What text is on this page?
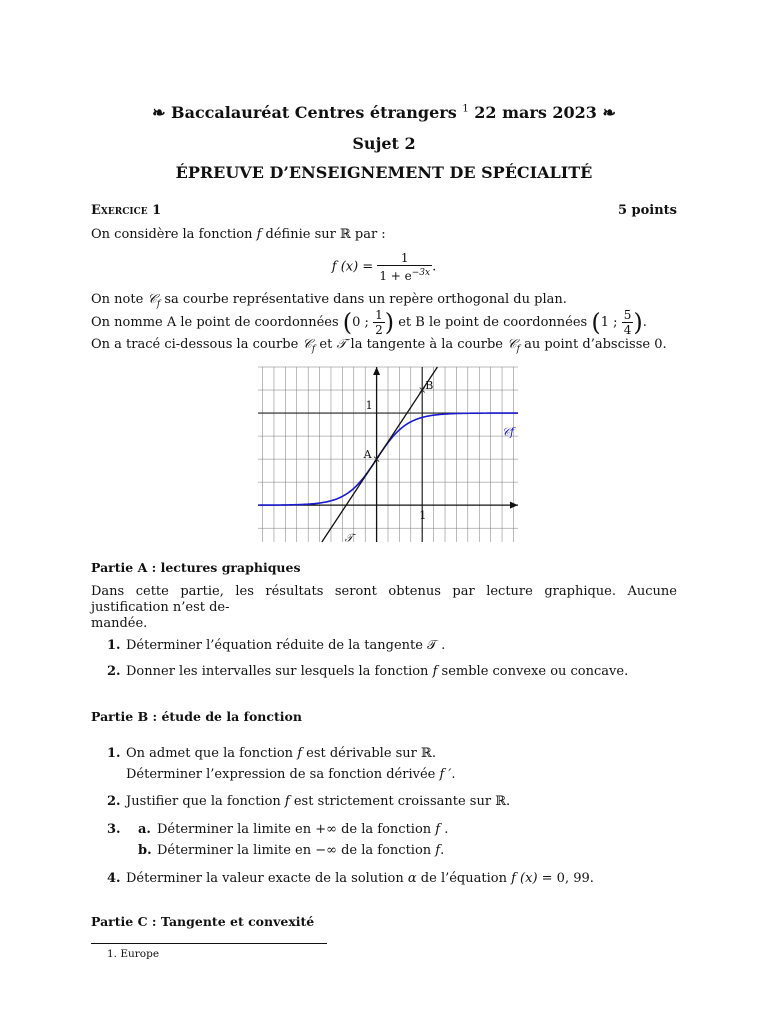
❧ Baccalauréat Centres étrangers $^1$ 22 mars 2023 ❧
Sujet 2
ÉPREUVE D’ENSEIGNEMENT DE SPÉCIALITÉ
Exercice 1	5 points
On considère la fonction f définie sur ℝ par :
f $(x) = \frac{1}{1 + e^{-3x}}$ .
On note 𝒞$_f$ sa courbe représentative dans un repère orthogonal du plan.
On nomme A le point de coordonnées (0 ; $\frac{1}{2}$ ) et B le point de coordonnées (1 ; $\frac{5}{4}$ ).
On a tracé ci-dessous la courbe 𝒞$_f$ et 𝒯 la tangente à la courbe 𝒞$_f$ au point d’abscisse 0.
1
1
A
B
𝒞f
𝒯
Partie A : lectures graphiques
Dans cette partie, les résultats seront obtenus par lecture graphique. Aucune justification n’est de-
mandée.
1. Déterminer l’équation réduite de la tangente 𝒯 .
2. Donner les intervalles sur lesquels la fonction f semble convexe ou concave.
Partie B : étude de la fonction
1. On admet que la fonction f est dérivable sur ℝ.
Déterminer l’expression de sa fonction dérivée f ′.
2. Justifier que la fonction f est strictement croissante sur ℝ.
3.	a. Déterminer la limite en +∞ de la fonction f .
b. Déterminer la limite en −∞ de la fonction f.
4. Déterminer la valeur exacte de la solution α de l’équation f (x) = 0, 99.
Partie C : Tangente et convexité
1. Europe
